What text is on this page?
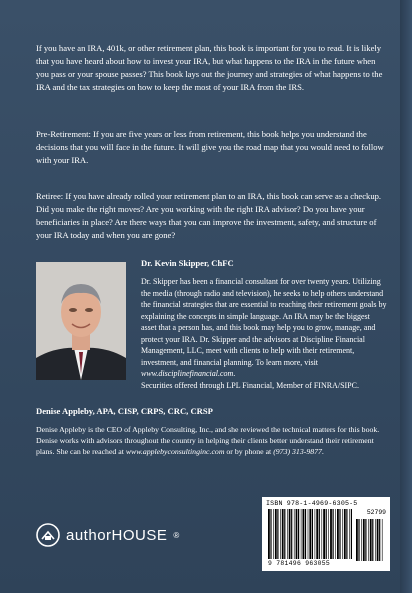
If you have an IRA, 401k, or other retirement plan, this book is important for you to read. It is likely that you have heard about how to invest your IRA, but what happens to the IRA in the future when you pass or your spouse passes? This book lays out the journey and strategies of what happens to the IRA and the tax strategies on how to keep the most of your IRA from the IRS.

Pre-Retirement: If you are five years or less from retirement, this book helps you understand the decisions that you will face in the future. It will give you the road map that you would need to follow with your IRA.

Retiree: If you have already rolled your retirement plan to an IRA, this book can serve as a checkup. Did you make the right moves? Are you working with the right IRA advisor? Do you have your beneficiaries in place? Are there ways that you can improve the investment, safety, and structure of your IRA today and when you are gone?

Dr. Kevin Skipper, ChFC

Dr. Skipper has been a financial consultant for over twenty years. Utilizing the media (through radio and television), he seeks to help others understand the financial strategies that are essential to reaching their retirement goals by explaining the concepts in simple language. An IRA may be the biggest asset that a person has, and this book may help you to grow, manage, and protect your IRA. Dr. Skipper and the advisors at Discipline Financial Management, LLC, meet with clients to help with their retirement, investment, and financial planning. To learn more, visit www.disciplinefinancial.com.
Securities offered through LPL Financial, Member of FINRA/SIPC.

Denise Appleby, APA, CISP, CRPS, CRC, CRSP

Denise Appleby is the CEO of Appleby Consulting, Inc., and she reviewed the technical matters for this book. Denise works with advisors throughout the country in helping their clients better understand their retirement plans. She can be reached at www.applebyconsultinginc.com or by phone at (973) 313-9877.

authorHOUSE ®
ISBN 978-1-4969-6305-5
52799
9 781496 963055
